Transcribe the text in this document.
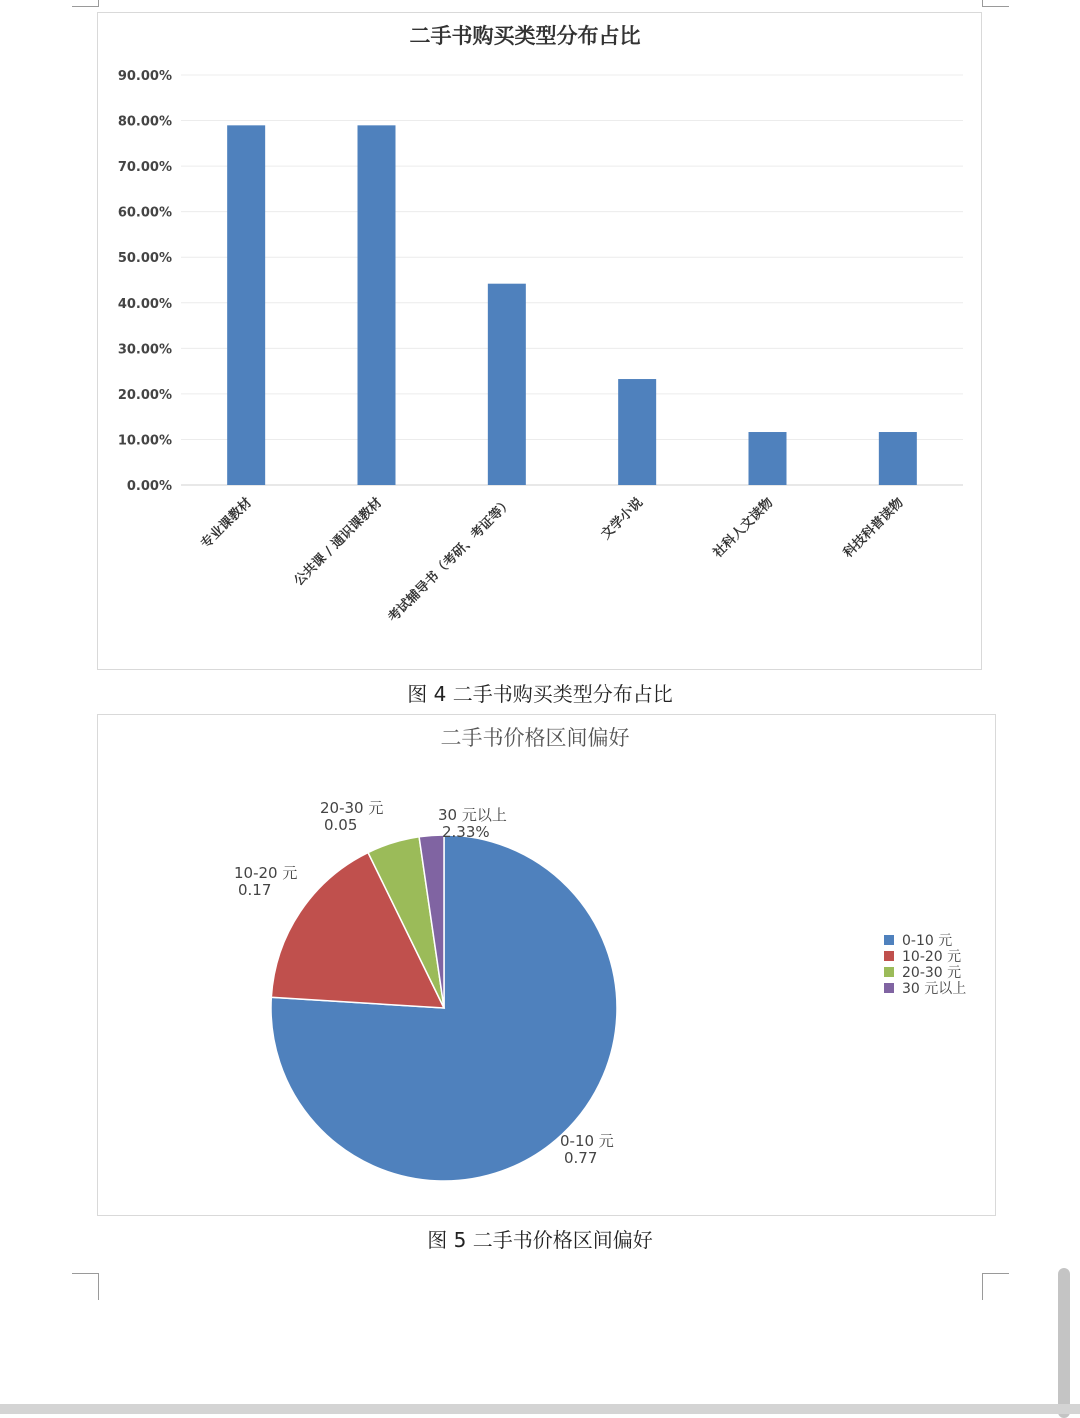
二手书购买类型分布占比
0.00%
10.00%
20.00%
30.00%
40.00%
50.00%
60.00%
70.00%
80.00%
90.00%
专业课教材	公共课 / 通识课教材 考试辅导书（考研、考证等）	文学小说	社科人文读物	科技科普读物
图 4 二手书购买类型分布占比
二手书价格区间偏好
0-10 元
0.77
10-20 元
0.17
20-30 元
0.05
30 元以上
2.33%
0-10 元
10-20 元
20-30 元
30 元以上
图 5 二手书价格区间偏好
